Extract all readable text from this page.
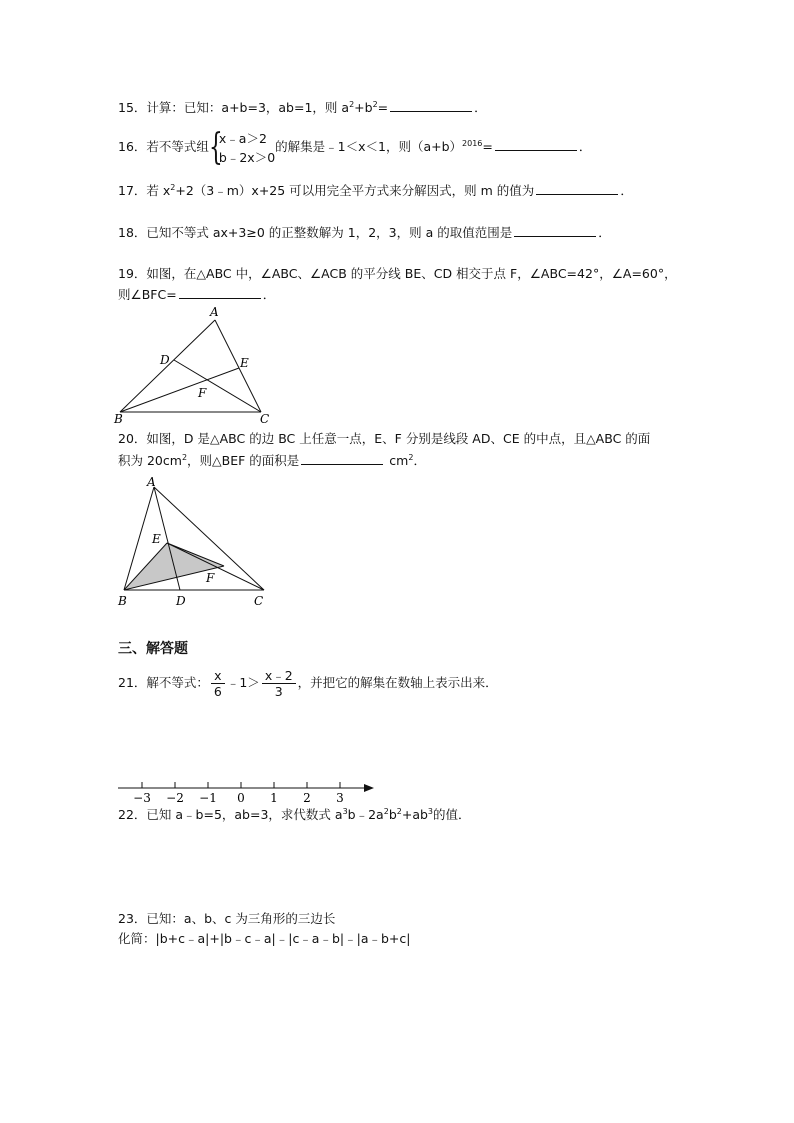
15．计算：已知：a+b=3，ab=1，则 $a^2+b^2=$	．
16．若不等式组 {
x﹣a＞2
b﹣2x＞0
的解集是﹣1＜x＜1，则$(a+b)^{2016}=$	．
17．若 $x^2+2(3﹣m)x+25$ 可以用完全平方式来分解因式，则 m 的值为	．
18．已知不等式 ax+3≥0 的正整数解为 1，2，3，则 a 的取值范围是	．
19．如图，在△ABC 中，∠ABC、∠ACB 的平分线 BE、CD 相交于点 F，∠ABC=42°，∠A=60°，
则∠BFC=	．
A
B	C
D	E
F
20．如图，D 是△ABC 的边 BC 上任意一点，E、F 分别是线段 AD、CE 的中点，且△ABC 的面
积为 $20cm^2$，则△BEF 的面积是	$cm^2$．
A
B	C
D
E
F
三、解答题
21．解不等式： $\frac{x}{6}$ ﹣1＞ $\frac{x﹣2}{3}$ ，并把它的解集在数轴上表示出来．
−3 −2 −1 0 1 2 3
22．已知 a﹣b=5，ab=3，求代数式 $a^3b﹣2a^2b^2+ab^3$的值．
23．已知：a、b、c 为三角形的三边长
化简：|b+c﹣a|+|b﹣c﹣a|﹣|c﹣a﹣b|﹣|a﹣b+c|
